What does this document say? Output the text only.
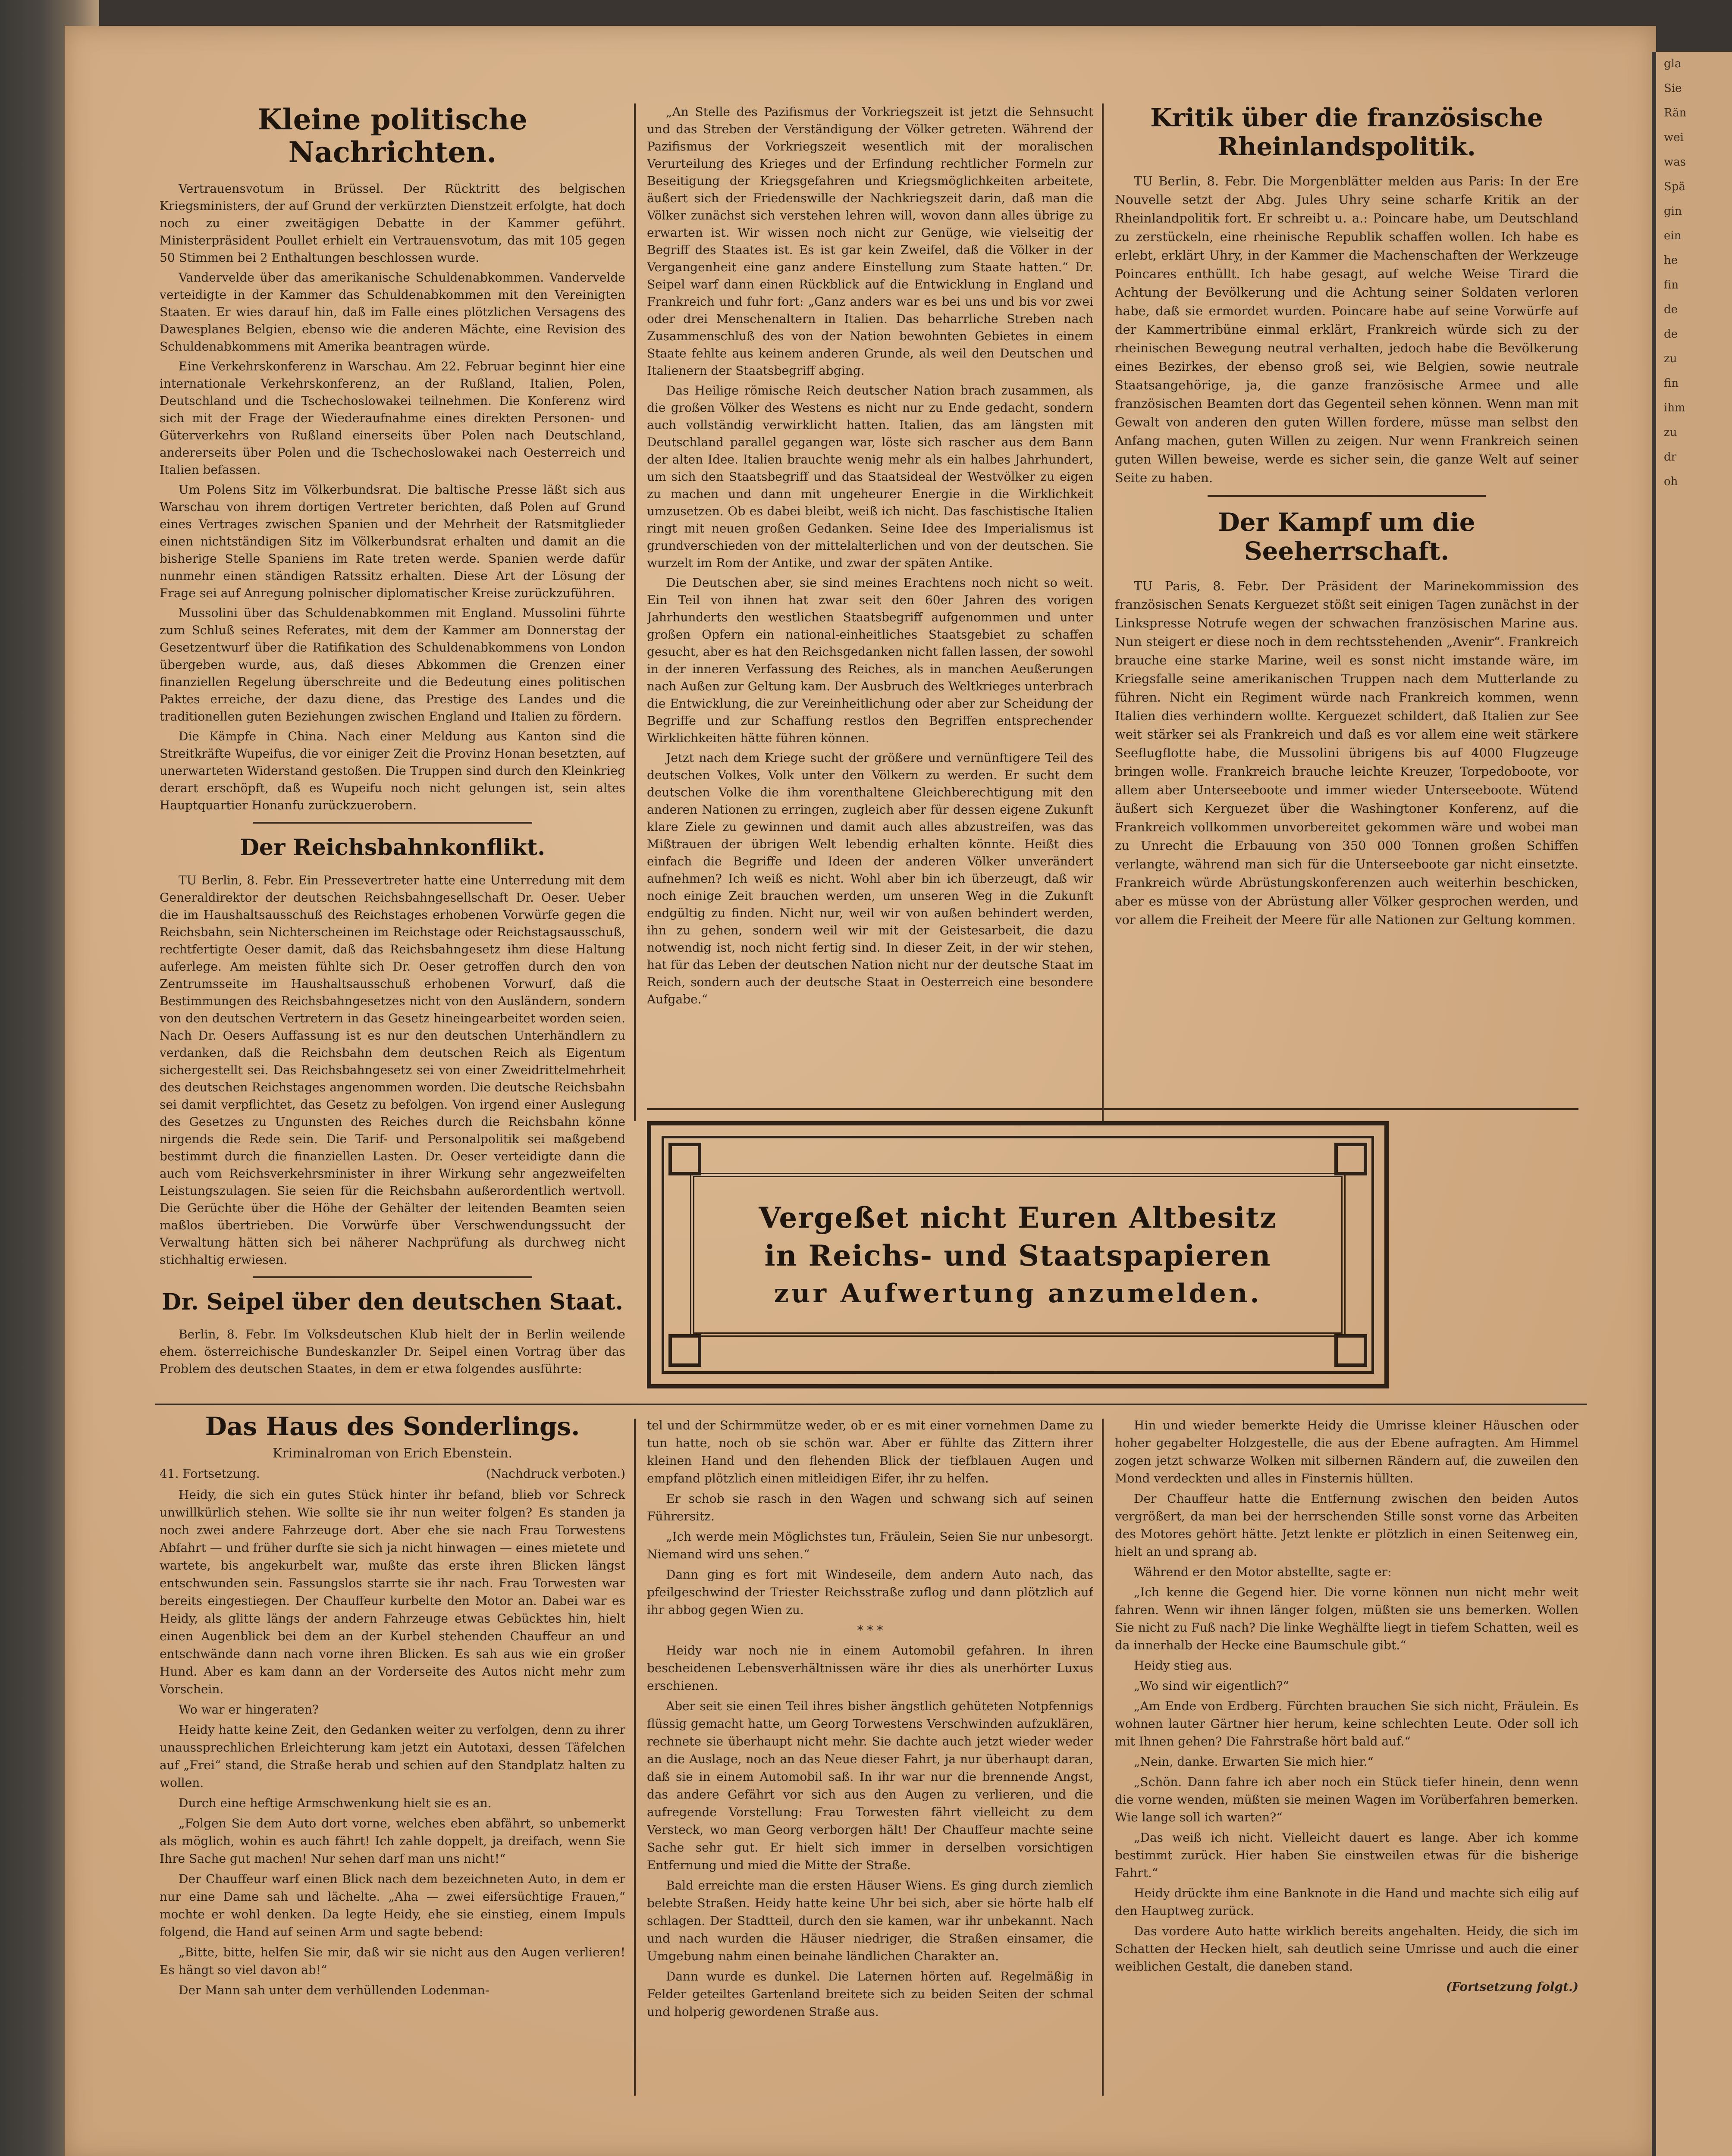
gla
Sie
Rän
wei
was
Spä
gin
ein
he
fin
de
de
zu
fin
ihm
zu
dr
oh
Kleine politische Nachrichten.

Vertrauensvotum in Brüssel. Der Rücktritt des belgischen Kriegsministers, der auf Grund der verkürzten Dienstzeit erfolgte, hat doch noch zu einer zweitägigen Debatte in der Kammer geführt. Ministerpräsident Poullet erhielt ein Vertrauensvotum, das mit 105 gegen 50 Stimmen bei 2 Enthaltungen beschlossen wurde.

Vandervelde über das amerikanische Schuldenabkommen. Vandervelde verteidigte in der Kammer das Schuldenabkommen mit den Vereinigten Staaten. Er wies darauf hin, daß im Falle eines plötzlichen Versagens des Dawesplanes Belgien, ebenso wie die anderen Mächte, eine Revision des Schuldenabkommens mit Amerika beantragen würde.

Eine Verkehrskonferenz in Warschau. Am 22. Februar beginnt hier eine internationale Verkehrskonferenz, an der Rußland, Italien, Polen, Deutschland und die Tschechoslowakei teilnehmen. Die Konferenz wird sich mit der Frage der Wiederaufnahme eines direkten Personen- und Güterverkehrs von Rußland einerseits über Polen nach Deutschland, andererseits über Polen und die Tschechoslowakei nach Oesterreich und Italien befassen.

Um Polens Sitz im Völkerbundsrat. Die baltische Presse läßt sich aus Warschau von ihrem dortigen Vertreter berichten, daß Polen auf Grund eines Vertrages zwischen Spanien und der Mehrheit der Ratsmitglieder einen nichtständigen Sitz im Völkerbundsrat erhalten und damit an die bisherige Stelle Spaniens im Rate treten werde. Spanien werde dafür nunmehr einen ständigen Ratssitz erhalten. Diese Art der Lösung der Frage sei auf Anregung polnischer diplomatischer Kreise zurückzuführen.

Mussolini über das Schuldenabkommen mit England. Mussolini führte zum Schluß seines Referates, mit dem der Kammer am Donnerstag der Gesetzentwurf über die Ratifikation des Schuldenabkommens von London übergeben wurde, aus, daß dieses Abkommen die Grenzen einer finanziellen Regelung überschreite und die Bedeutung eines politischen Paktes erreiche, der dazu diene, das Prestige des Landes und die traditionellen guten Beziehungen zwischen England und Italien zu fördern.

Die Kämpfe in China. Nach einer Meldung aus Kanton sind die Streitkräfte Wupeifus, die vor einiger Zeit die Provinz Honan besetzten, auf unerwarteten Widerstand gestoßen. Die Truppen sind durch den Kleinkrieg derart erschöpft, daß es Wupeifu noch nicht gelungen ist, sein altes Hauptquartier Honanfu zurückzuerobern.

Der Reichsbahnkonflikt.

TU Berlin, 8. Febr. Ein Pressevertreter hatte eine Unterredung mit dem Generaldirektor der deutschen Reichsbahngesellschaft Dr. Oeser. Ueber die im Haushaltsausschuß des Reichstages erhobenen Vorwürfe gegen die Reichsbahn, sein Nichterscheinen im Reichstage oder Reichstagsausschuß, rechtfertigte Oeser damit, daß das Reichsbahngesetz ihm diese Haltung auferlege. Am meisten fühlte sich Dr. Oeser getroffen durch den von Zentrumsseite im Haushaltsausschuß erhobenen Vorwurf, daß die Bestimmungen des Reichsbahngesetzes nicht von den Ausländern, sondern von den deutschen Vertretern in das Gesetz hineingearbeitet worden seien. Nach Dr. Oesers Auffassung ist es nur den deutschen Unterhändlern zu verdanken, daß die Reichsbahn dem deutschen Reich als Eigentum sichergestellt sei. Das Reichsbahngesetz sei von einer Zweidrittelmehrheit des deutschen Reichstages angenommen worden. Die deutsche Reichsbahn sei damit verpflichtet, das Gesetz zu befolgen. Von irgend einer Auslegung des Gesetzes zu Ungunsten des Reiches durch die Reichsbahn könne nirgends die Rede sein. Die Tarif- und Personalpolitik sei maßgebend bestimmt durch die finanziellen Lasten. Dr. Oeser verteidigte dann die auch vom Reichsverkehrsminister in ihrer Wirkung sehr angezweifelten Leistungszulagen. Sie seien für die Reichsbahn außerordentlich wertvoll. Die Gerüchte über die Höhe der Gehälter der leitenden Beamten seien maßlos übertrieben. Die Vorwürfe über Verschwendungssucht der Verwaltung hätten sich bei näherer Nachprüfung als durchweg nicht stichhaltig erwiesen.

Dr. Seipel über den deutschen Staat.

Berlin, 8. Febr. Im Volksdeutschen Klub hielt der in Berlin weilende ehem. österreichische Bundeskanzler Dr. Seipel einen Vortrag über das Problem des deutschen Staates, in dem er etwa folgendes ausführte:

„An Stelle des Pazifismus der Vorkriegszeit ist jetzt die Sehnsucht und das Streben der Verständigung der Völker getreten. Während der Pazifismus der Vorkriegszeit wesentlich mit der moralischen Verurteilung des Krieges und der Erfindung rechtlicher Formeln zur Beseitigung der Kriegsgefahren und Kriegsmöglichkeiten arbeitete, äußert sich der Friedenswille der Nachkriegszeit darin, daß man die Völker zunächst sich verstehen lehren will, wovon dann alles übrige zu erwarten ist. Wir wissen noch nicht zur Genüge, wie vielseitig der Begriff des Staates ist. Es ist gar kein Zweifel, daß die Völker in der Vergangenheit eine ganz andere Einstellung zum Staate hatten.“ Dr. Seipel warf dann einen Rückblick auf die Entwicklung in England und Frankreich und fuhr fort: „Ganz anders war es bei uns und bis vor zwei oder drei Menschenaltern in Italien. Das beharrliche Streben nach Zusammenschluß des von der Nation bewohnten Gebietes in einem Staate fehlte aus keinem anderen Grunde, als weil den Deutschen und Italienern der Staatsbegriff abging.

Das Heilige römische Reich deutscher Nation brach zusammen, als die großen Völker des Westens es nicht nur zu Ende gedacht, sondern auch vollständig verwirklicht hatten. Italien, das am längsten mit Deutschland parallel gegangen war, löste sich rascher aus dem Bann der alten Idee. Italien brauchte wenig mehr als ein halbes Jahrhundert, um sich den Staatsbegriff und das Staatsideal der Westvölker zu eigen zu machen und dann mit ungeheurer Energie in die Wirklichkeit umzusetzen. Ob es dabei bleibt, weiß ich nicht. Das faschistische Italien ringt mit neuen großen Gedanken. Seine Idee des Imperialismus ist grundverschieden von der mittelalterlichen und von der deutschen. Sie wurzelt im Rom der Antike, und zwar der späten Antike.

Die Deutschen aber, sie sind meines Erachtens noch nicht so weit. Ein Teil von ihnen hat zwar seit den 60er Jahren des vorigen Jahrhunderts den westlichen Staatsbegriff aufgenommen und unter großen Opfern ein national-einheitliches Staatsgebiet zu schaffen gesucht, aber es hat den Reichsgedanken nicht fallen lassen, der sowohl in der inneren Verfassung des Reiches, als in manchen Aeußerungen nach Außen zur Geltung kam. Der Ausbruch des Weltkrieges unterbrach die Entwicklung, die zur Vereinheitlichung oder aber zur Scheidung der Begriffe und zur Schaffung restlos den Begriffen entsprechender Wirklichkeiten hätte führen können.

Jetzt nach dem Kriege sucht der größere und vernünftigere Teil des deutschen Volkes, Volk unter den Völkern zu werden. Er sucht dem deutschen Volke die ihm vorenthaltene Gleichberechtigung mit den anderen Nationen zu erringen, zugleich aber für dessen eigene Zukunft klare Ziele zu gewinnen und damit auch alles abzustreifen, was das Mißtrauen der übrigen Welt lebendig erhalten könnte. Heißt dies einfach die Begriffe und Ideen der anderen Völker unverändert aufnehmen? Ich weiß es nicht. Wohl aber bin ich überzeugt, daß wir noch einige Zeit brauchen werden, um unseren Weg in die Zukunft endgültig zu finden. Nicht nur, weil wir von außen behindert werden, ihn zu gehen, sondern weil wir mit der Geistesarbeit, die dazu notwendig ist, noch nicht fertig sind. In dieser Zeit, in der wir stehen, hat für das Leben der deutschen Nation nicht nur der deutsche Staat im Reich, sondern auch der deutsche Staat in Oesterreich eine besondere Aufgabe.“

Kritik über die französische Rheinlandspolitik.

TU Berlin, 8. Febr. Die Morgenblätter melden aus Paris: In der Ere Nouvelle setzt der Abg. Jules Uhry seine scharfe Kritik an der Rheinlandpolitik fort. Er schreibt u. a.: Poincare habe, um Deutschland zu zerstückeln, eine rheinische Republik schaffen wollen. Ich habe es erlebt, erklärt Uhry, in der Kammer die Machenschaften der Werkzeuge Poincares enthüllt. Ich habe gesagt, auf welche Weise Tirard die Achtung der Bevölkerung und die Achtung seiner Soldaten verloren habe, daß sie ermordet wurden. Poincare habe auf seine Vorwürfe auf der Kammertribüne einmal erklärt, Frankreich würde sich zu der rheinischen Bewegung neutral verhalten, jedoch habe die Bevölkerung eines Bezirkes, der ebenso groß sei, wie Belgien, sowie neutrale Staatsangehörige, ja, die ganze französische Armee und alle französischen Beamten dort das Gegenteil sehen können. Wenn man mit Gewalt von anderen den guten Willen fordere, müsse man selbst den Anfang machen, guten Willen zu zeigen. Nur wenn Frankreich seinen guten Willen beweise, werde es sicher sein, die ganze Welt auf seiner Seite zu haben.

Der Kampf um die Seeherrschaft.

TU Paris, 8. Febr. Der Präsident der Marinekommission des französischen Senats Kerguezet stößt seit einigen Tagen zunächst in der Linkspresse Notrufe wegen der schwachen französischen Marine aus. Nun steigert er diese noch in dem rechtsstehenden „Avenir“. Frankreich brauche eine starke Marine, weil es sonst nicht imstande wäre, im Kriegsfalle seine amerikanischen Truppen nach dem Mutterlande zu führen. Nicht ein Regiment würde nach Frankreich kommen, wenn Italien dies verhindern wollte. Kerguezet schildert, daß Italien zur See weit stärker sei als Frankreich und daß es vor allem eine weit stärkere Seeflugflotte habe, die Mussolini übrigens bis auf 4000 Flugzeuge bringen wolle. Frankreich brauche leichte Kreuzer, Torpedoboote, vor allem aber Unterseeboote und immer wieder Unterseeboote. Wütend äußert sich Kerguezet über die Washingtoner Konferenz, auf die Frankreich vollkommen unvorbereitet gekommen wäre und wobei man zu Unrecht die Erbauung von 350 000 Tonnen großen Schiffen verlangte, während man sich für die Unterseeboote gar nicht einsetzte. Frankreich würde Abrüstungskonferenzen auch weiterhin beschicken, aber es müsse von der Abrüstung aller Völker gesprochen werden, und vor allem die Freiheit der Meere für alle Nationen zur Geltung kommen.

Vergeßet nicht Euren Altbesitz
in Reichs- und Staatspapieren
zur Aufwertung anzumelden.
Das Haus des Sonderlings.

Kriminalroman von Erich Ebenstein.

41. Fortsetzung.	(Nachdruck verboten.)

Heidy, die sich ein gutes Stück hinter ihr befand, blieb vor Schreck unwillkürlich stehen. Wie sollte sie ihr nun weiter folgen? Es standen ja noch zwei andere Fahrzeuge dort. Aber ehe sie nach Frau Torwestens Abfahrt — und früher durfte sie sich ja nicht hinwagen — eines mietete und wartete, bis angekurbelt war, mußte das erste ihren Blicken längst entschwunden sein. Fassungslos starrte sie ihr nach. Frau Torwesten war bereits eingestiegen. Der Chauffeur kurbelte den Motor an. Dabei war es Heidy, als glitte längs der andern Fahrzeuge etwas Gebücktes hin, hielt einen Augenblick bei dem an der Kurbel stehenden Chauffeur an und entschwände dann nach vorne ihren Blicken. Es sah aus wie ein großer Hund. Aber es kam dann an der Vorderseite des Autos nicht mehr zum Vorschein.

Wo war er hingeraten?

Heidy hatte keine Zeit, den Gedanken weiter zu verfolgen, denn zu ihrer unaussprechlichen Erleichterung kam jetzt ein Autotaxi, dessen Täfelchen auf „Frei“ stand, die Straße herab und schien auf den Standplatz halten zu wollen.

Durch eine heftige Armschwenkung hielt sie es an.

„Folgen Sie dem Auto dort vorne, welches eben abfährt, so unbemerkt als möglich, wohin es auch fährt! Ich zahle doppelt, ja dreifach, wenn Sie Ihre Sache gut machen! Nur sehen darf man uns nicht!“

Der Chauffeur warf einen Blick nach dem bezeichneten Auto, in dem er nur eine Dame sah und lächelte. „Aha — zwei eifersüchtige Frauen,“ mochte er wohl denken. Da legte Heidy, ehe sie einstieg, einem Impuls folgend, die Hand auf seinen Arm und sagte bebend:

„Bitte, bitte, helfen Sie mir, daß wir sie nicht aus den Augen verlieren! Es hängt so viel davon ab!“

Der Mann sah unter dem verhüllenden Lodenman-

tel und der Schirmmütze weder, ob er es mit einer vornehmen Dame zu tun hatte, noch ob sie schön war. Aber er fühlte das Zittern ihrer kleinen Hand und den flehenden Blick der tiefblauen Augen und empfand plötzlich einen mitleidigen Eifer, ihr zu helfen.

Er schob sie rasch in den Wagen und schwang sich auf seinen Führersitz.

„Ich werde mein Möglichstes tun, Fräulein, Seien Sie nur unbesorgt. Niemand wird uns sehen.“

Dann ging es fort mit Windeseile, dem andern Auto nach, das pfeilgeschwind der Triester Reichsstraße zuflog und dann plötzlich auf ihr abbog gegen Wien zu.

* * *

Heidy war noch nie in einem Automobil gefahren. In ihren bescheidenen Lebensverhältnissen wäre ihr dies als unerhörter Luxus erschienen.

Aber seit sie einen Teil ihres bisher ängstlich gehüteten Notpfennigs flüssig gemacht hatte, um Georg Torwestens Verschwinden aufzuklären, rechnete sie überhaupt nicht mehr. Sie dachte auch jetzt wieder weder an die Auslage, noch an das Neue dieser Fahrt, ja nur überhaupt daran, daß sie in einem Automobil saß. In ihr war nur die brennende Angst, das andere Gefährt vor sich aus den Augen zu verlieren, und die aufregende Vorstellung: Frau Torwesten fährt vielleicht zu dem Versteck, wo man Georg verborgen hält! Der Chauffeur machte seine Sache sehr gut. Er hielt sich immer in derselben vorsichtigen Entfernung und mied die Mitte der Straße.

Bald erreichte man die ersten Häuser Wiens. Es ging durch ziemlich belebte Straßen. Heidy hatte keine Uhr bei sich, aber sie hörte halb elf schlagen. Der Stadtteil, durch den sie kamen, war ihr unbekannt. Nach und nach wurden die Häuser niedriger, die Straßen einsamer, die Umgebung nahm einen beinahe ländlichen Charakter an.

Dann wurde es dunkel. Die Laternen hörten auf. Regelmäßig in Felder geteiltes Gartenland breitete sich zu beiden Seiten der schmal und holperig gewordenen Straße aus.

Hin und wieder bemerkte Heidy die Umrisse kleiner Häuschen oder hoher gegabelter Holzgestelle, die aus der Ebene aufragten. Am Himmel zogen jetzt schwarze Wolken mit silbernen Rändern auf, die zuweilen den Mond verdeckten und alles in Finsternis hüllten.

Der Chauffeur hatte die Entfernung zwischen den beiden Autos vergrößert, da man bei der herrschenden Stille sonst vorne das Arbeiten des Motores gehört hätte. Jetzt lenkte er plötzlich in einen Seitenweg ein, hielt an und sprang ab.

Während er den Motor abstellte, sagte er:

„Ich kenne die Gegend hier. Die vorne können nun nicht mehr weit fahren. Wenn wir ihnen länger folgen, müßten sie uns bemerken. Wollen Sie nicht zu Fuß nach? Die linke Weghälfte liegt in tiefem Schatten, weil es da innerhalb der Hecke eine Baumschule gibt.“

Heidy stieg aus.

„Wo sind wir eigentlich?“

„Am Ende von Erdberg. Fürchten brauchen Sie sich nicht, Fräulein. Es wohnen lauter Gärtner hier herum, keine schlechten Leute. Oder soll ich mit Ihnen gehen? Die Fahrstraße hört bald auf.“

„Nein, danke. Erwarten Sie mich hier.“

„Schön. Dann fahre ich aber noch ein Stück tiefer hinein, denn wenn die vorne wenden, müßten sie meinen Wagen im Vorüberfahren bemerken. Wie lange soll ich warten?“

„Das weiß ich nicht. Vielleicht dauert es lange. Aber ich komme bestimmt zurück. Hier haben Sie einstweilen etwas für die bisherige Fahrt.“

Heidy drückte ihm eine Banknote in die Hand und machte sich eilig auf den Hauptweg zurück.

Das vordere Auto hatte wirklich bereits angehalten. Heidy, die sich im Schatten der Hecken hielt, sah deutlich seine Umrisse und auch die einer weiblichen Gestalt, die daneben stand.

(Fortsetzung folgt.)
